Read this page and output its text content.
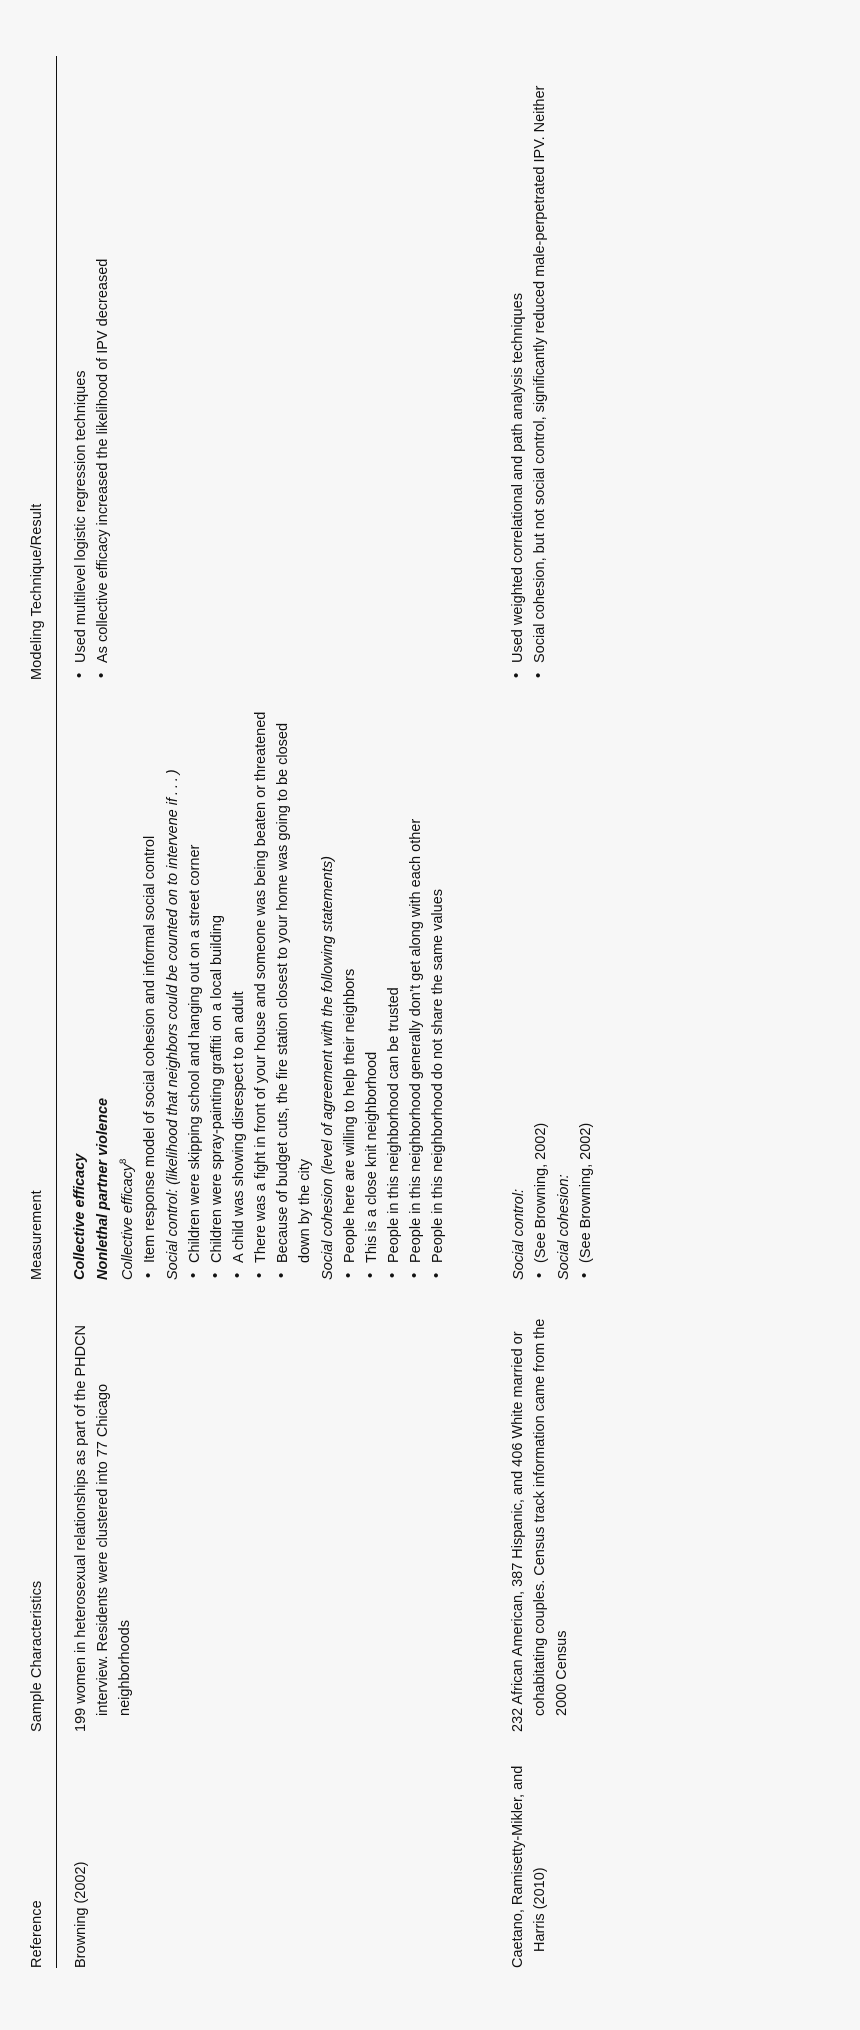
Reference
Sample Characteristics
Measurement
Modeling Technique/Result
Browning (2002)
199 women in heterosexual relationships as part of the PHDCN interview. Residents were clustered into 77 Chicago neighborhoods
Collective efficacy Nonlethal partner violence Collective efficacy$^8$ • Item response model of social cohesion and informal social control Social control: (likelihood that neighbors could be counted on to intervene if . . . ) • Children were skipping school and hanging out on a street corner • Children were spray-painting graffiti on a local building • A child was showing disrespect to an adult • There was a fight in front of your house and someone was being beaten or threatened • Because of budget cuts, the fire station closest to your home was going to be closed down by the city Social cohesion (level of agreement with the following statements) • People here are willing to help their neighbors • This is a close knit neighborhood • People in this neighborhood can be trusted • People in this neighborhood generally don’t get along with each other • People in this neighborhood do not share the same values
• Used multilevel logistic regression techniques • As collective efficacy increased the likelihood of IPV decreased
Caetano, Ramisetty-Mikler, and Harris (2010)
232 African American, 387 Hispanic, and 406 White married or cohabitating couples. Census track information came from the 2000 Census
Social control: • (See Browning, 2002) Social cohesion: • (See Browning, 2002)
• Used weighted correlational and path analysis techniques • Social cohesion, but not social control, significantly reduced male-perpetrated IPV. Neither
